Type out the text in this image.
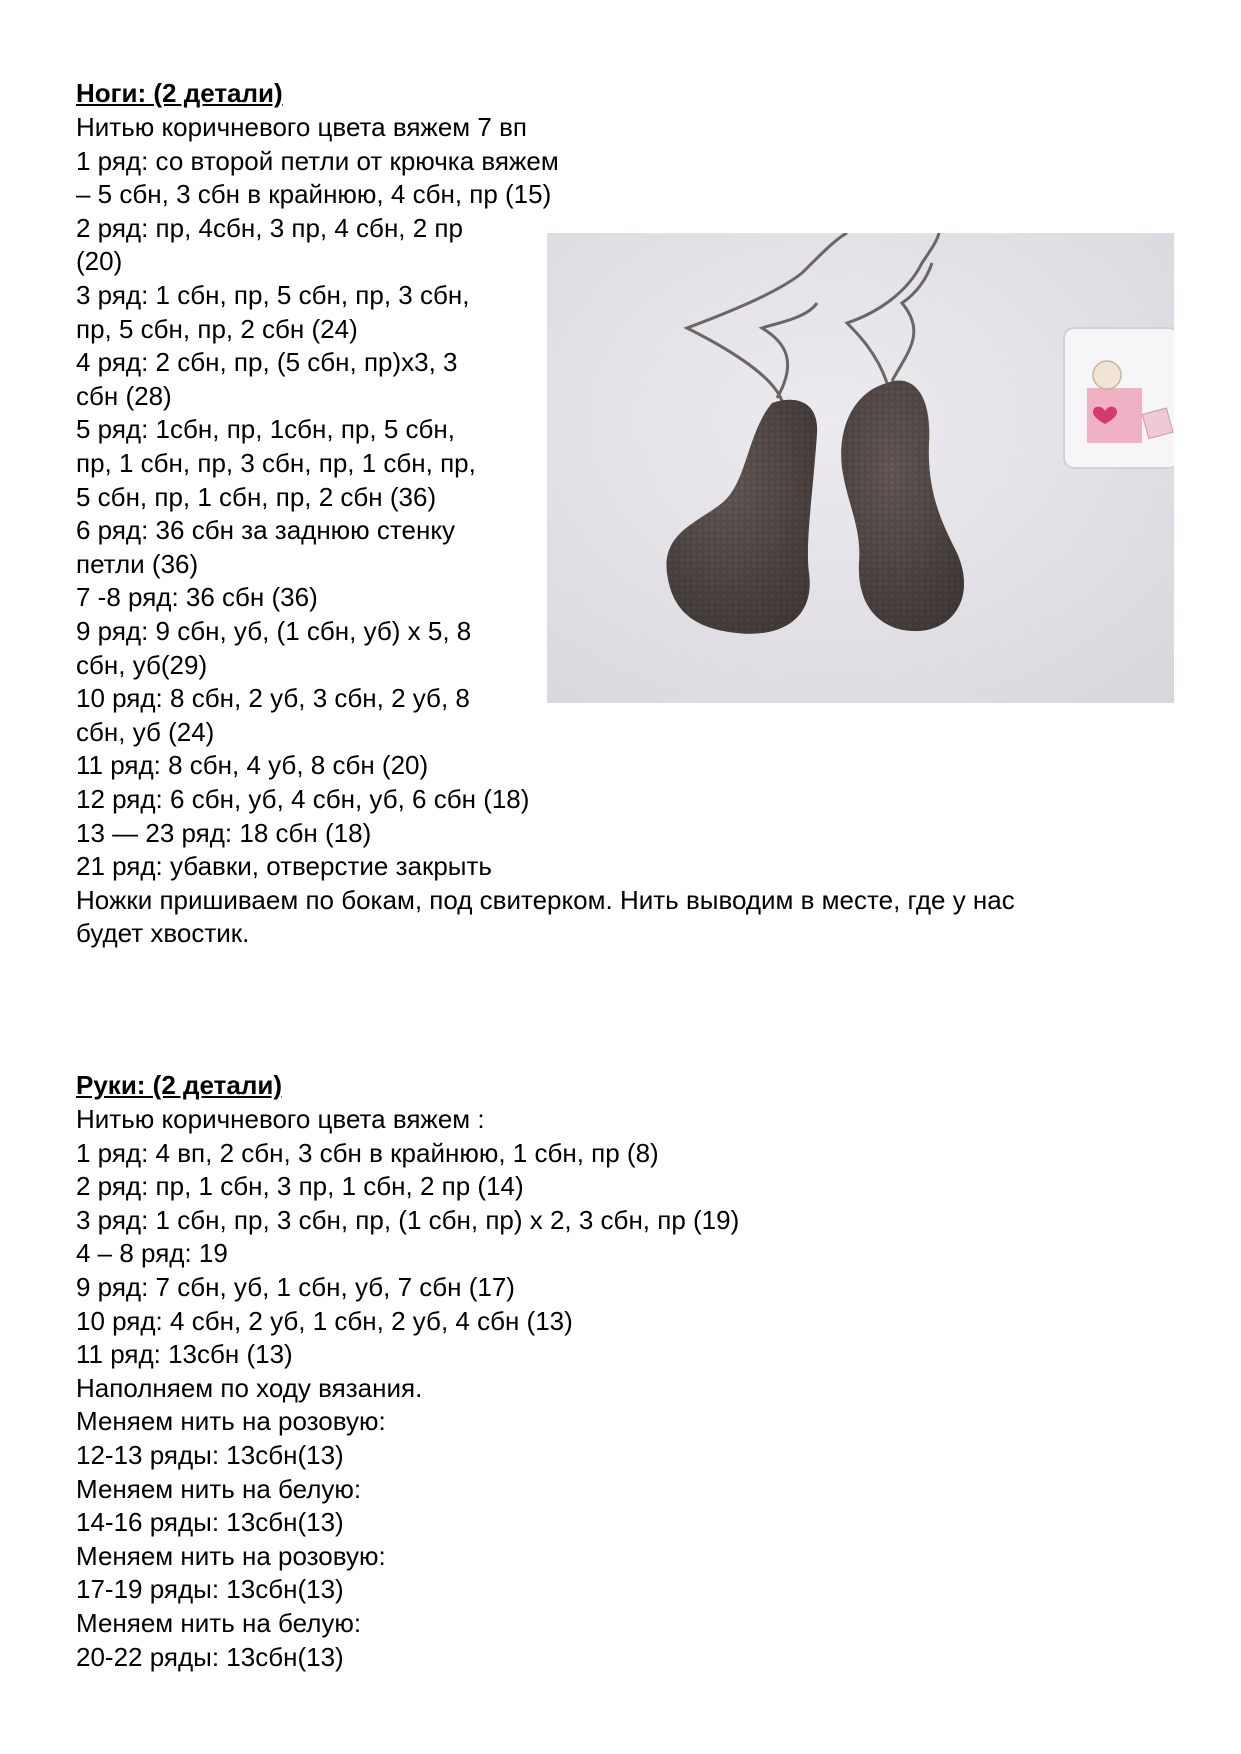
Ноги: (2 детали)
Нитью коричневого цвета вяжем 7 вп
1 ряд: со второй петли от крючка вяжем
– 5 сбн, 3 сбн в крайнюю, 4 сбн, пр (15)
2 ряд: пр, 4сбн, 3 пр, 4 сбн, 2 пр
(20)
3 ряд: 1 сбн, пр, 5 сбн, пр, 3 сбн,
пр, 5 сбн, пр, 2 сбн (24)
4 ряд: 2 сбн, пр, (5 сбн, пр)х3, 3
сбн (28)
5 ряд: 1сбн, пр, 1сбн, пр, 5 сбн,
пр, 1 сбн, пр, 3 сбн, пр, 1 сбн, пр,
5 сбн, пр, 1 сбн, пр, 2 сбн (36)
6 ряд: 36 сбн за заднюю стенку
петли (36)
7 -8 ряд: 36 сбн (36)
9 ряд: 9 сбн, уб, (1 сбн, уб) х 5, 8
сбн, уб(29)
10 ряд: 8 сбн, 2 уб, 3 сбн, 2 уб, 8
сбн, уб (24)
11 ряд: 8 сбн, 4 уб, 8 сбн (20)
12 ряд: 6 сбн, уб, 4 сбн, уб, 6 сбн (18)
13 — 23 ряд: 18 сбн (18)
21 ряд: убавки, отверстие закрыть
Ножки пришиваем по бокам, под свитерком. Нить выводим в месте, где у нас
будет хвостик.
Руки: (2 детали)
Нитью коричневого цвета вяжем :
1 ряд: 4 вп, 2 сбн, 3 сбн в крайнюю, 1 сбн, пр (8)
2 ряд: пр, 1 сбн, 3 пр, 1 сбн, 2 пр (14)
3 ряд: 1 сбн, пр, 3 сбн, пр, (1 сбн, пр) х 2, 3 сбн, пр (19)
4 – 8 ряд: 19
9 ряд: 7 сбн, уб, 1 сбн, уб, 7 сбн (17)
10 ряд: 4 сбн, 2 уб, 1 сбн, 2 уб, 4 сбн (13)
11 ряд: 13сбн (13)
Наполняем по ходу вязания.
Меняем нить на розовую:
12-13 ряды: 13сбн(13)
Меняем нить на белую:
14-16 ряды: 13сбн(13)
Меняем нить на розовую:
17-19 ряды: 13сбн(13)
Меняем нить на белую:
20-22 ряды: 13сбн(13)
